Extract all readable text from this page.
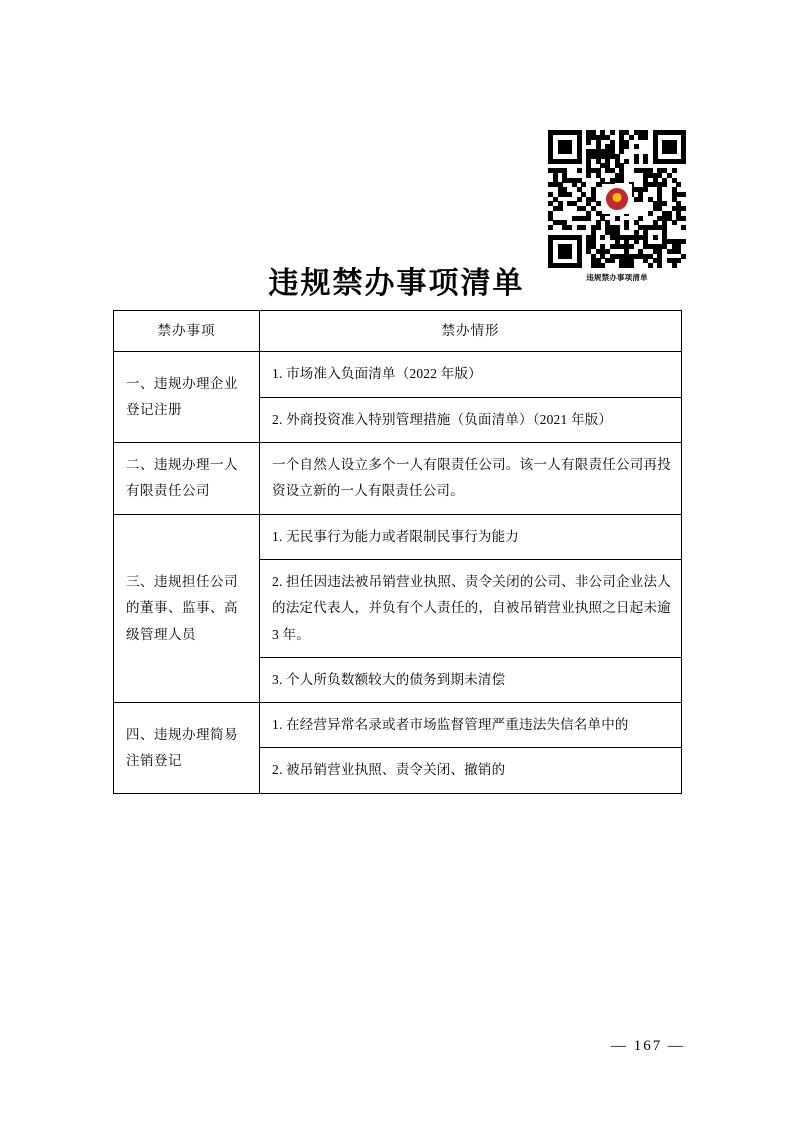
违规禁办事项清单
违规禁办事项清单
禁办事项	禁办情形
一、违规办理企业登记注册	1. 市场准入负面清单（2022 年版）
	2. 外商投资准入特别管理措施（负面清单）（2021 年版）
二、违规办理一人有限责任公司	一个自然人设立多个一人有限责任公司。该一人有限责任公司再投资设立新的一人有限责任公司。
三、违规担任公司的董事、监事、高级管理人员	1. 无民事行为能力或者限制民事行为能力
	2. 担任因违法被吊销营业执照、责令关闭的公司、非公司企业法人的法定代表人，并负有个人责任的，自被吊销营业执照之日起未逾 3 年。
	3. 个人所负数额较大的债务到期未清偿
四、违规办理简易注销登记	1. 在经营异常名录或者市场监督管理严重违法失信名单中的
	2. 被吊销营业执照、责令关闭、撤销的
— 167 —
